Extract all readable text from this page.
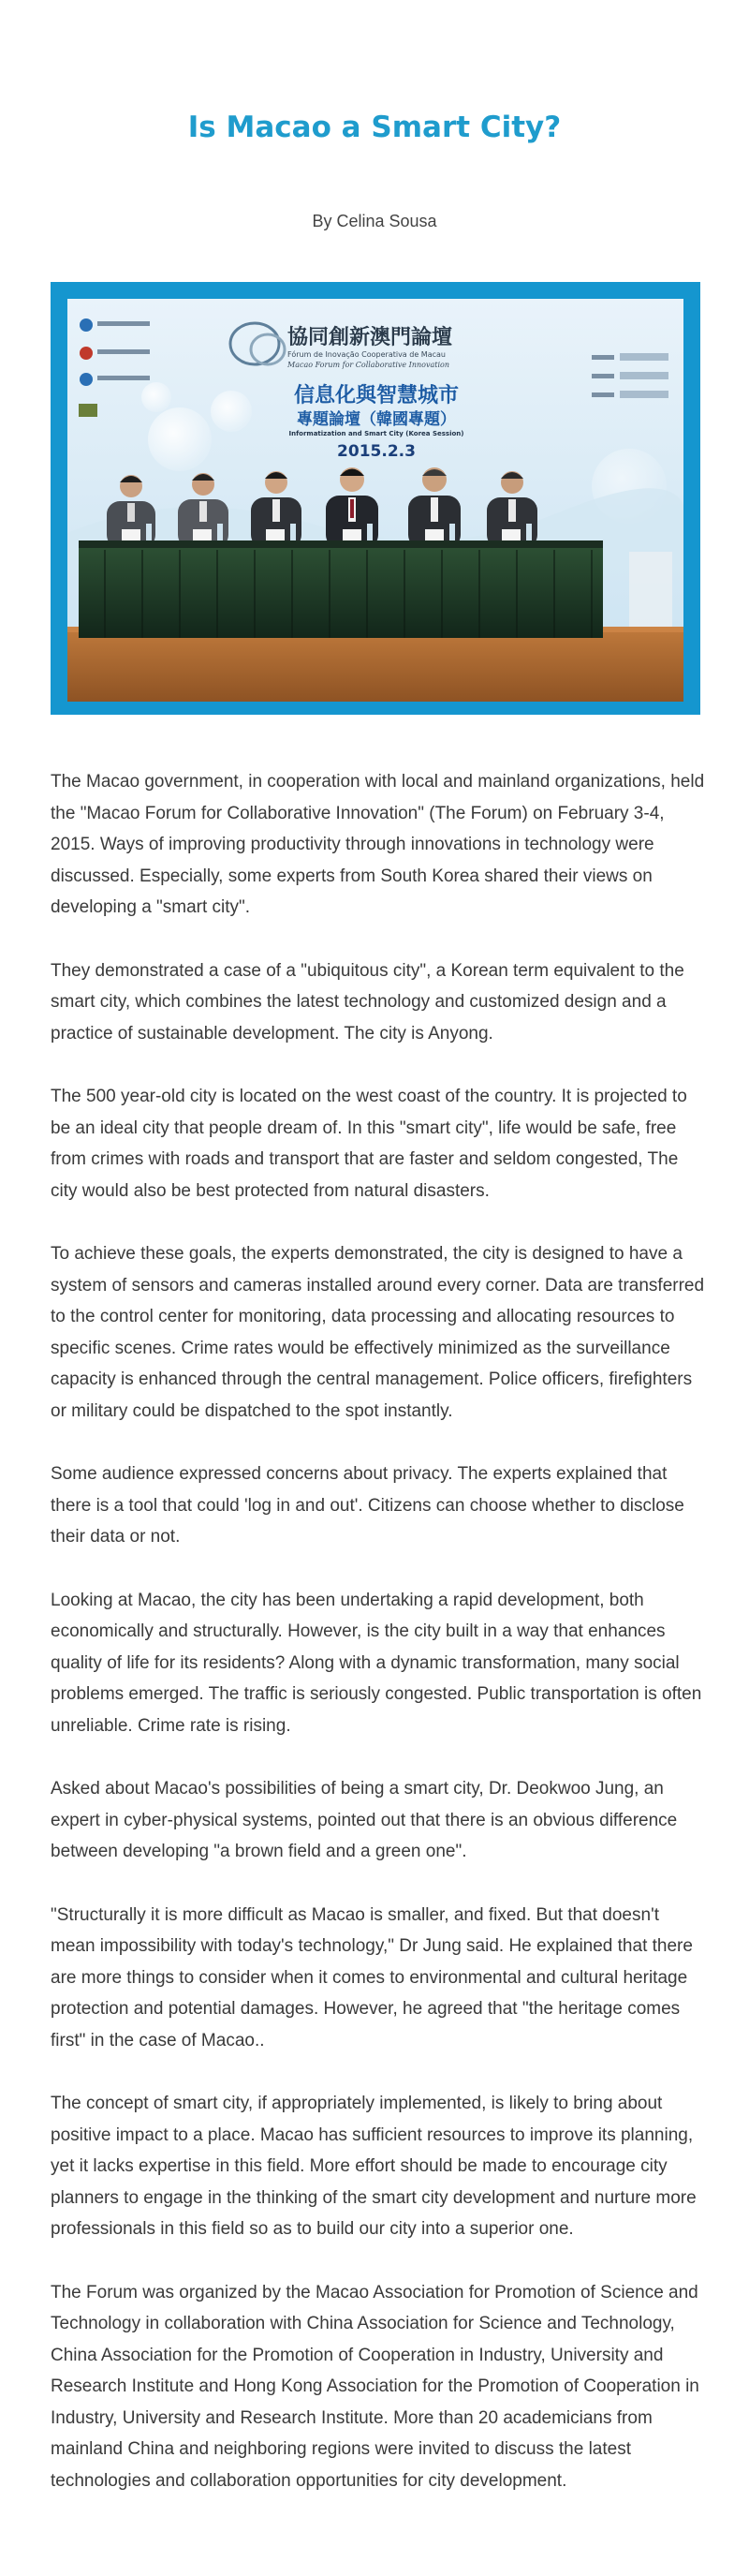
Is Macao a Smart City?
By Celina Sousa
協同創新澳門論壇
Fórum de Inovação Cooperativa de Macau
Macao Forum for Collaborative Innovation
信息化與智慧城市
專題論壇（韓國專題）
Informatization and Smart City (Korea Session)
2015.2.3

The Macao government, in cooperation with local and mainland organizations, held the "Macao Forum for Collaborative Innovation" (The Forum) on February 3-4, 2015. Ways of improving productivity through innovations in technology were discussed. Especially, some experts from South Korea shared their views on developing a "smart city".

They demonstrated a case of a "ubiquitous city", a Korean term equivalent to the smart city, which combines the latest technology and customized design and a practice of sustainable development. The city is Anyong.

The 500 year-old city is located on the west coast of the country. It is projected to be an ideal city that people dream of. In this "smart city", life would be safe, free from crimes with roads and transport that are faster and seldom congested, The city would also be best protected from natural disasters.

To achieve these goals, the experts demonstrated, the city is designed to have a system of sensors and cameras installed around every corner. Data are transferred to the control center for monitoring, data processing and allocating resources to specific scenes. Crime rates would be effectively minimized as the surveillance capacity is enhanced through the central management. Police officers, firefighters or military could be dispatched to the spot instantly.

Some audience expressed concerns about privacy. The experts explained that there is a tool that could 'log in and out'. Citizens can choose whether to disclose their data or not.

Looking at Macao, the city has been undertaking a rapid development, both economically and structurally. However, is the city built in a way that enhances quality of life for its residents? Along with a dynamic transformation, many social problems emerged. The traffic is seriously congested. Public transportation is often unreliable. Crime rate is rising.

Asked about Macao's possibilities of being a smart city, Dr. Deokwoo Jung, an expert in cyber-physical systems, pointed out that there is an obvious difference between developing "a brown field and a green one".

"Structurally it is more difficult as Macao is smaller, and fixed. But that doesn't mean impossibility with today's technology," Dr Jung said. He explained that there are more things to consider when it comes to environmental and cultural heritage protection and potential damages. However, he agreed that "the heritage comes first" in the case of Macao..

The concept of smart city, if appropriately implemented, is likely to bring about positive impact to a place. Macao has sufficient resources to improve its planning, yet it lacks expertise in this field. More effort should be made to encourage city planners to engage in the thinking of the smart city development and nurture more professionals in this field so as to build our city into a superior one.

The Forum was organized by the Macao Association for Promotion of Science and Technology in collaboration with China Association for Science and Technology, China Association for the Promotion of Cooperation in Industry, University and Research Institute and Hong Kong Association for the Promotion of Cooperation in Industry, University and Research Institute. More than 20 academicians from mainland China and neighboring regions were invited to discuss the latest technologies and collaboration opportunities for city development.
